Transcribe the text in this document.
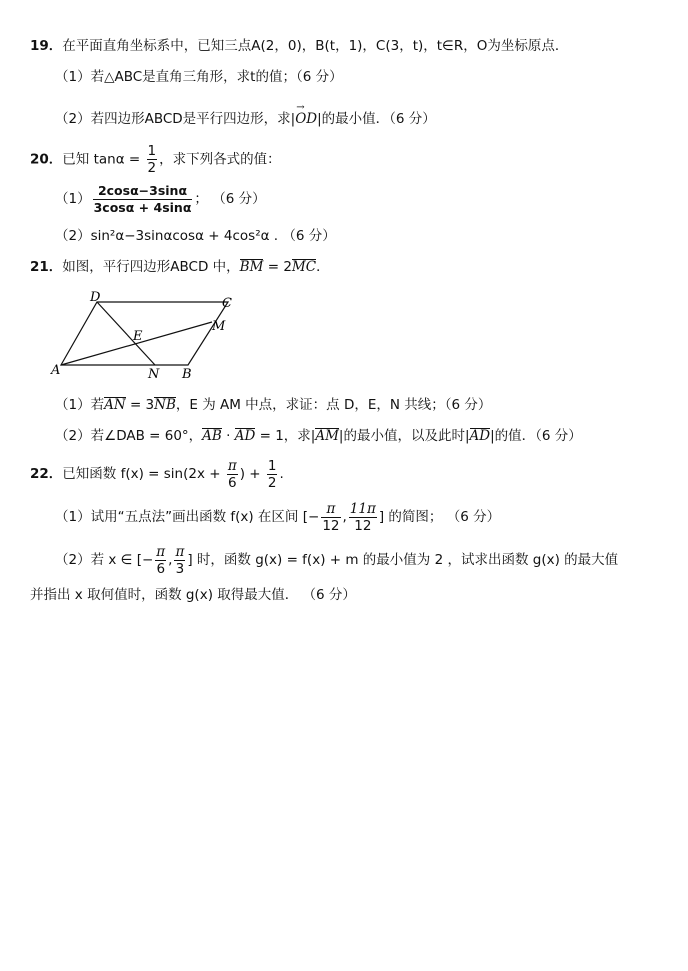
19．在平面直角坐标系中，已知三点A(2，0)，B(t，1)，C(3，t)，t∈R，O为坐标原点．
（1）若△ABC是直角三角形，求t的值；（6 分）
（2）若四边形ABCD是平行四边形，求|→ OD|的最小值．（6 分）
20．已知 $\tan\alpha = \frac{1}{2}$ ，求下列各式的值：
$(1) \frac{2\cos\alpha-3\sin\alpha}{3\cos\alpha + 4\sin\alpha}$ ； （6 分）
（2）sin²α−3sinαcosα + 4cos²α . （6 分）
21．如图，平行四边形ABCD 中，BM = 2MC．
D	C
M
E
A	N B
（1）若AN = 3NB，E 为 AM 中点，求证：点 D，E，N 共线；（6 分）
（2）若∠DAB = 60°，AB · AD = 1，求|AM|的最小值，以及此时|AD|的值．（6 分）
22．已知函数 $f(x) = \sin(2x + \frac{\pi}{6}$ ) + $\frac{1}{2}$ .
（1）试用“五点法”画出函数 f(x) 在区间 [− $\frac{\pi}{12}$ , $\frac{11\pi}{12}$ ] 的简图； （6 分）
（2）若 x ∈ [− $\frac{\pi}{6}$ , $\frac{\pi}{3}$ ] 时，函数 g(x) = f(x) + m 的最小值为 2 ，试求出函数 g(x) 的最大值
并指出 x 取何值时，函数 g(x) 取得最大值． （6 分）
